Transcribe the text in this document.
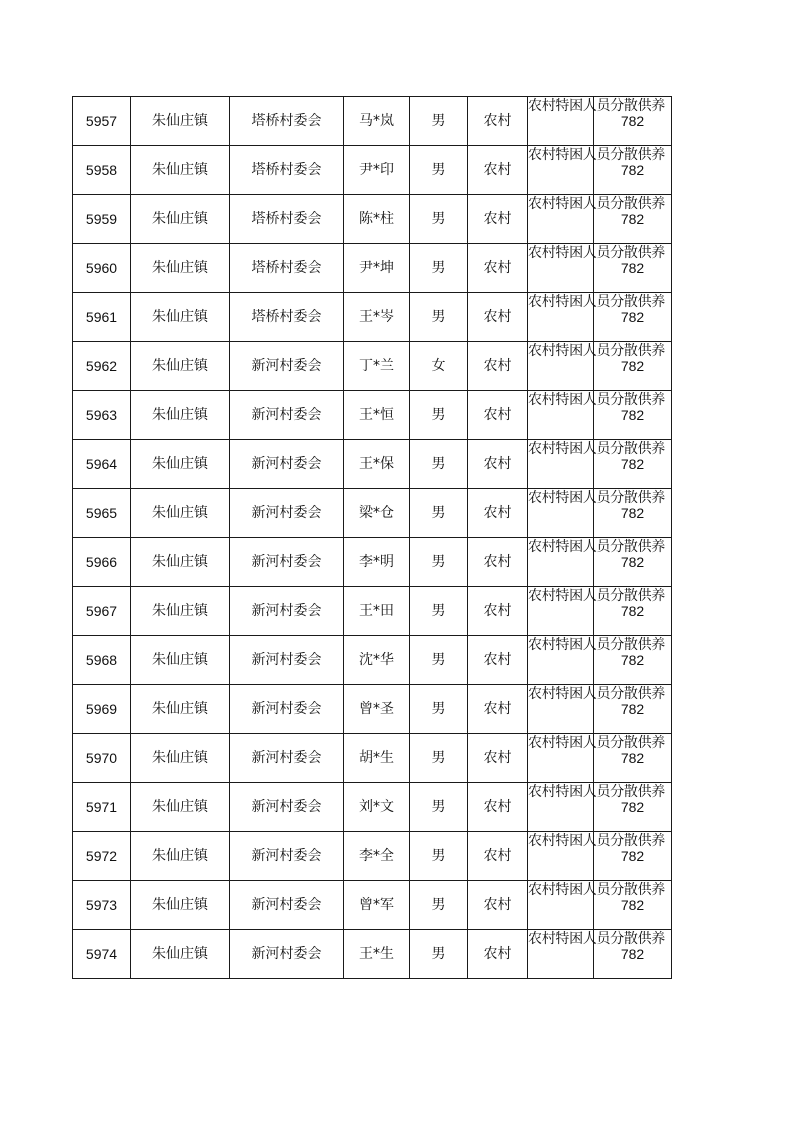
5957	朱仙庄镇	塔桥村委会	马*岚	男	农村	农村特困人员分散供养	782
5958	朱仙庄镇	塔桥村委会	尹*印	男	农村	农村特困人员分散供养	782
5959	朱仙庄镇	塔桥村委会	陈*柱	男	农村	农村特困人员分散供养	782
5960	朱仙庄镇	塔桥村委会	尹*坤	男	农村	农村特困人员分散供养	782
5961	朱仙庄镇	塔桥村委会	王*岑	男	农村	农村特困人员分散供养	782
5962	朱仙庄镇	新河村委会	丁*兰	女	农村	农村特困人员分散供养	782
5963	朱仙庄镇	新河村委会	王*恒	男	农村	农村特困人员分散供养	782
5964	朱仙庄镇	新河村委会	王*保	男	农村	农村特困人员分散供养	782
5965	朱仙庄镇	新河村委会	梁*仓	男	农村	农村特困人员分散供养	782
5966	朱仙庄镇	新河村委会	李*明	男	农村	农村特困人员分散供养	782
5967	朱仙庄镇	新河村委会	王*田	男	农村	农村特困人员分散供养	782
5968	朱仙庄镇	新河村委会	沈*华	男	农村	农村特困人员分散供养	782
5969	朱仙庄镇	新河村委会	曾*圣	男	农村	农村特困人员分散供养	782
5970	朱仙庄镇	新河村委会	胡*生	男	农村	农村特困人员分散供养	782
5971	朱仙庄镇	新河村委会	刘*文	男	农村	农村特困人员分散供养	782
5972	朱仙庄镇	新河村委会	李*全	男	农村	农村特困人员分散供养	782
5973	朱仙庄镇	新河村委会	曾*军	男	农村	农村特困人员分散供养	782
5974	朱仙庄镇	新河村委会	王*生	男	农村	农村特困人员分散供养	782
